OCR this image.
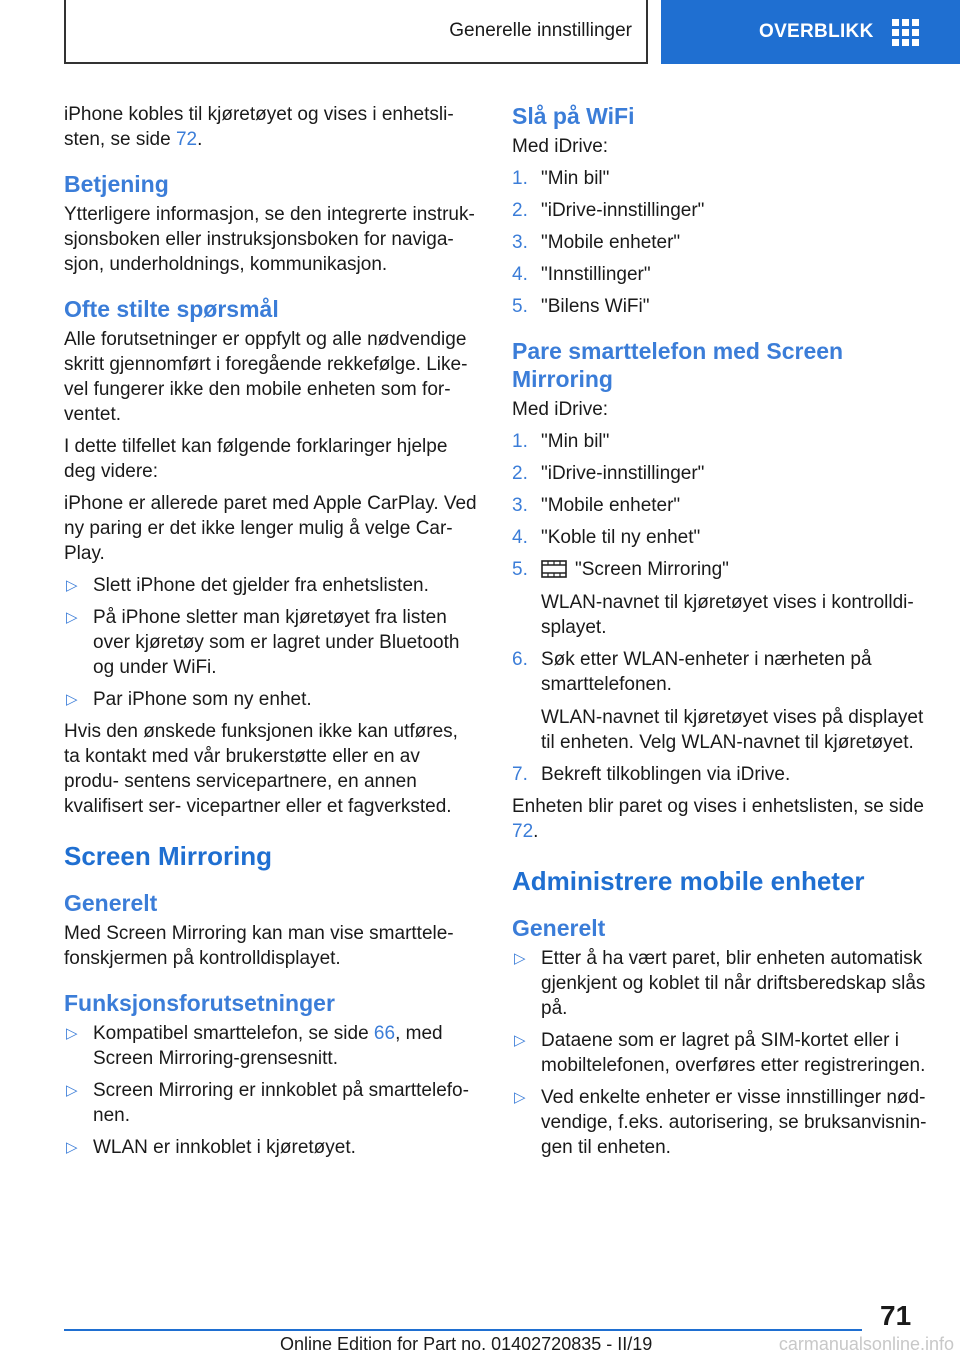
Generelle innstillinger	OVERBLIKK

iPhone kobles til kjøretøyet og vises i enhetsli-
sten, se side 72.

Betjening

Ytterligere informasjon, se den integrerte instruk- sjonsboken eller instruksjonsboken for naviga- sjon, underholdnings, kommunikasjon.

Ofte stilte spørsmål

Alle forutsetninger er oppfylt og alle nødvendige skritt gjennomført i foregående rekkefølge. Like- vel fungerer ikke den mobile enheten som for- ventet.

I dette tilfellet kan følgende forklaringer hjelpe deg videre:

iPhone er allerede paret med Apple CarPlay. Ved ny paring er det ikke lenger mulig å velge Car- Play.

▷ Slett iPhone det gjelder fra enhetslisten.
▷ På iPhone sletter man kjøretøyet fra listen over kjøretøy som er lagret under Bluetooth og under WiFi.
▷ Par iPhone som ny enhet.

Hvis den ønskede funksjonen ikke kan utføres, ta kontakt med vår brukerstøtte eller en av produ- sentens servicepartnere, en annen kvalifisert ser- vicepartner eller et fagverksted.

Screen Mirroring
Generelt

Med Screen Mirroring kan man vise smarttele- fonskjermen på kontrolldisplayet.

Funksjonsforutsetninger
▷ Kompatibel smarttelefon, se side 66, med Screen Mirroring-grensesnitt.
▷ Screen Mirroring er innkoblet på smarttelefo- nen.
▷ WLAN er innkoblet i kjøretøyet.
Slå på WiFi

Med iDrive:

1. "Min bil"
2. "iDrive-innstillinger"
3. "Mobile enheter"
4. "Innstillinger"
5. "Bilens WiFi"
Pare smarttelefon med Screen Mirroring

Med iDrive:

1. "Min bil"
2. "iDrive-innstillinger"
3. "Mobile enheter"
4. "Koble til ny enhet"
5. "Screen Mirroring"
WLAN-navnet til kjøretøyet vises i kontrolldi- splayet.
6. Søk etter WLAN-enheter i nærheten på smarttelefonen.
WLAN-navnet til kjøretøyet vises på displayet til enheten. Velg WLAN-navnet til kjøretøyet.
7. Bekreft tilkoblingen via iDrive.

Enheten blir paret og vises i enhetslisten, se side 72.

Administrere mobile enheter
Generelt
▷ Etter å ha vært paret, blir enheten automatisk gjenkjent og koblet til når driftsberedskap slås på.
▷ Dataene som er lagret på SIM-kortet eller i mobiltelefonen, overføres etter registreringen.
▷ Ved enkelte enheter er visse innstillinger nød- vendige, f.eks. autorisering, se bruksanvisnin- gen til enheten.
71
Online Edition for Part no. 01402720835 - II/19	carmanualsonline.info
